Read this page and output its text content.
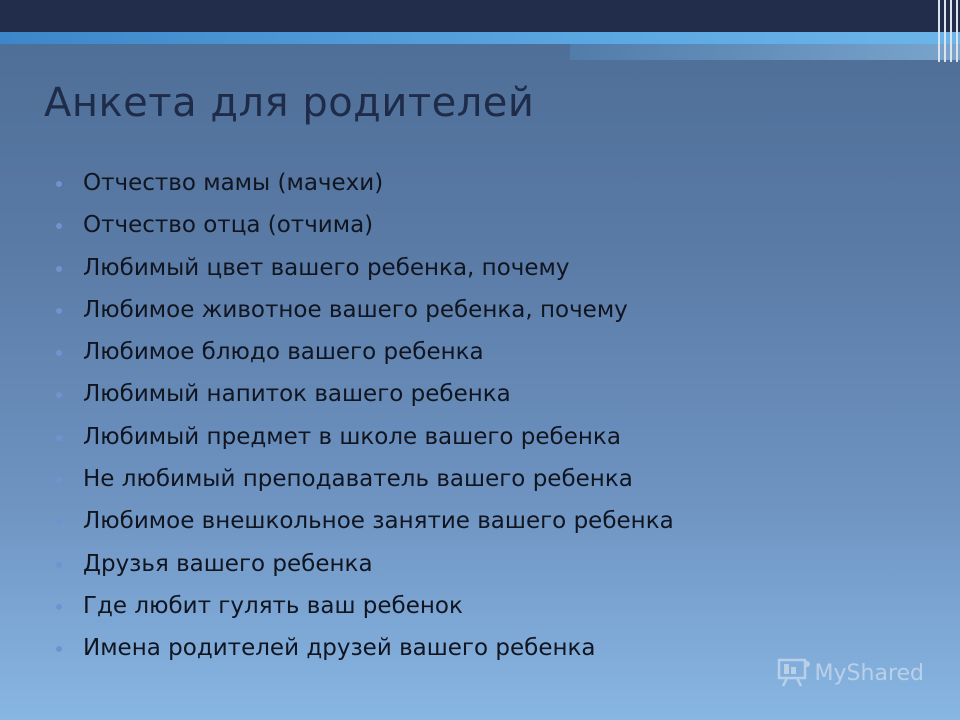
Анкета для родителей
Отчество мамы (мачехи)
Отчество отца (отчима)
Любимый цвет вашего ребенка, почему
Любимое животное вашего ребенка, почему
Любимое блюдо вашего ребенка
Любимый напиток вашего ребенка
Любимый предмет в школе вашего ребенка
Не любимый преподаватель вашего ребенка
Любимое внешкольное занятие вашего ребенка
Друзья вашего ребенка
Где любит гулять ваш ребенок
Имена родителей друзей вашего ребенка
MyShared
